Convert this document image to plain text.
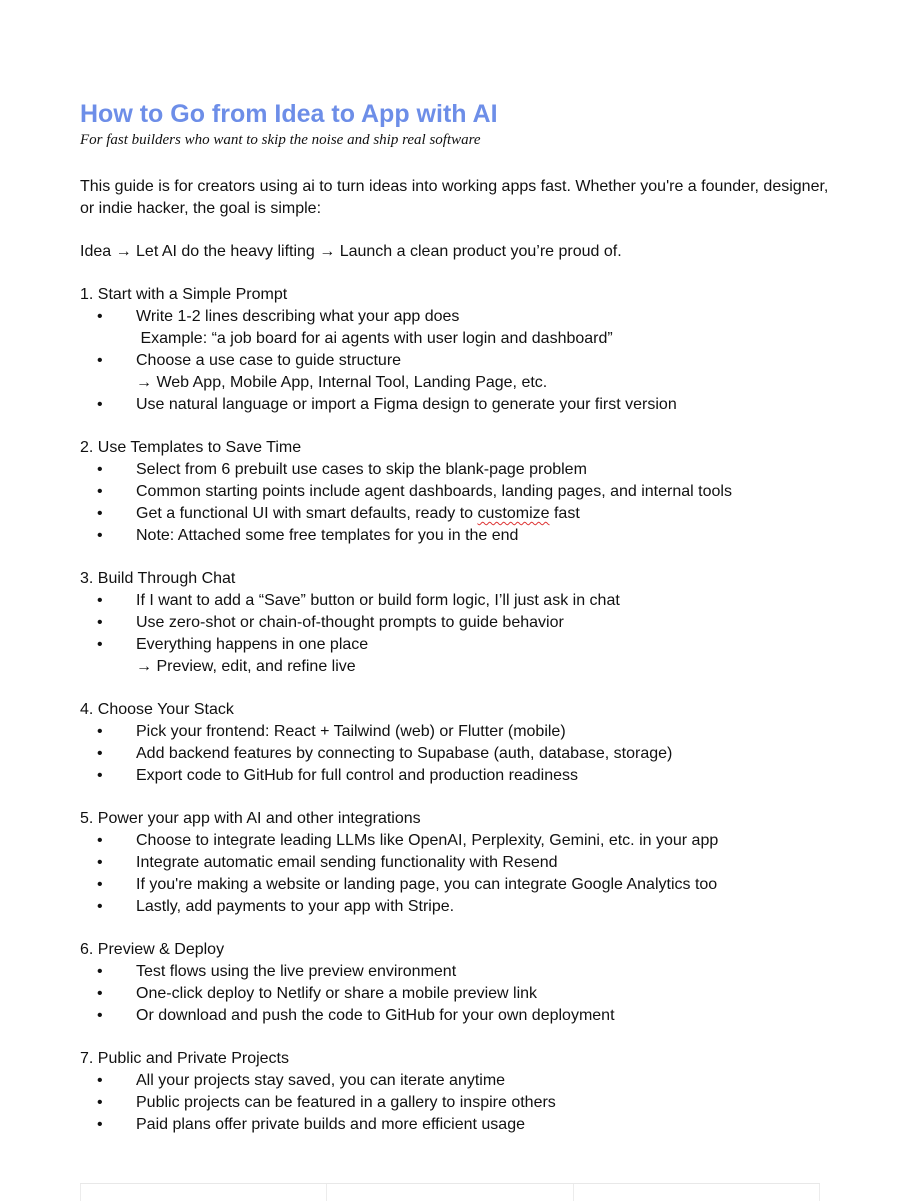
How to Go from Idea to App with AI
For fast builders who want to skip the noise and ship real software
This guide is for creators using ai to turn ideas into working apps fast. Whether you're a founder, designer, or indie hacker, the goal is simple:
Idea → Let AI do the heavy lifting → Launch a clean product you’re proud of.
1. Start with a Simple Prompt
• Write 1-2 lines describing what your app does
Example: “a job board for ai agents with user login and dashboard”
• Choose a use case to guide structure
→ Web App, Mobile App, Internal Tool, Landing Page, etc.
• Use natural language or import a Figma design to generate your first version
2. Use Templates to Save Time
• Select from 6 prebuilt use cases to skip the blank-page problem
• Common starting points include agent dashboards, landing pages, and internal tools
• Get a functional UI with smart defaults, ready to customize fast
• Note: Attached some free templates for you in the end
3. Build Through Chat
• If I want to add a “Save” button or build form logic, I’ll just ask in chat
• Use zero-shot or chain-of-thought prompts to guide behavior
• Everything happens in one place
→ Preview, edit, and refine live
4. Choose Your Stack
• Pick your frontend: React + Tailwind (web) or Flutter (mobile)
• Add backend features by connecting to Supabase (auth, database, storage)
• Export code to GitHub for full control and production readiness
5. Power your app with AI and other integrations
• Choose to integrate leading LLMs like OpenAI, Perplexity, Gemini, etc. in your app
• Integrate automatic email sending functionality with Resend
• If you're making a website or landing page, you can integrate Google Analytics too
• Lastly, add payments to your app with Stripe.
6. Preview & Deploy
• Test flows using the live preview environment
• One-click deploy to Netlify or share a mobile preview link
• Or download and push the code to GitHub for your own deployment
7. Public and Private Projects
• All your projects stay saved, you can iterate anytime
• Public projects can be featured in a gallery to inspire others
• Paid plans offer private builds and more efficient usage
